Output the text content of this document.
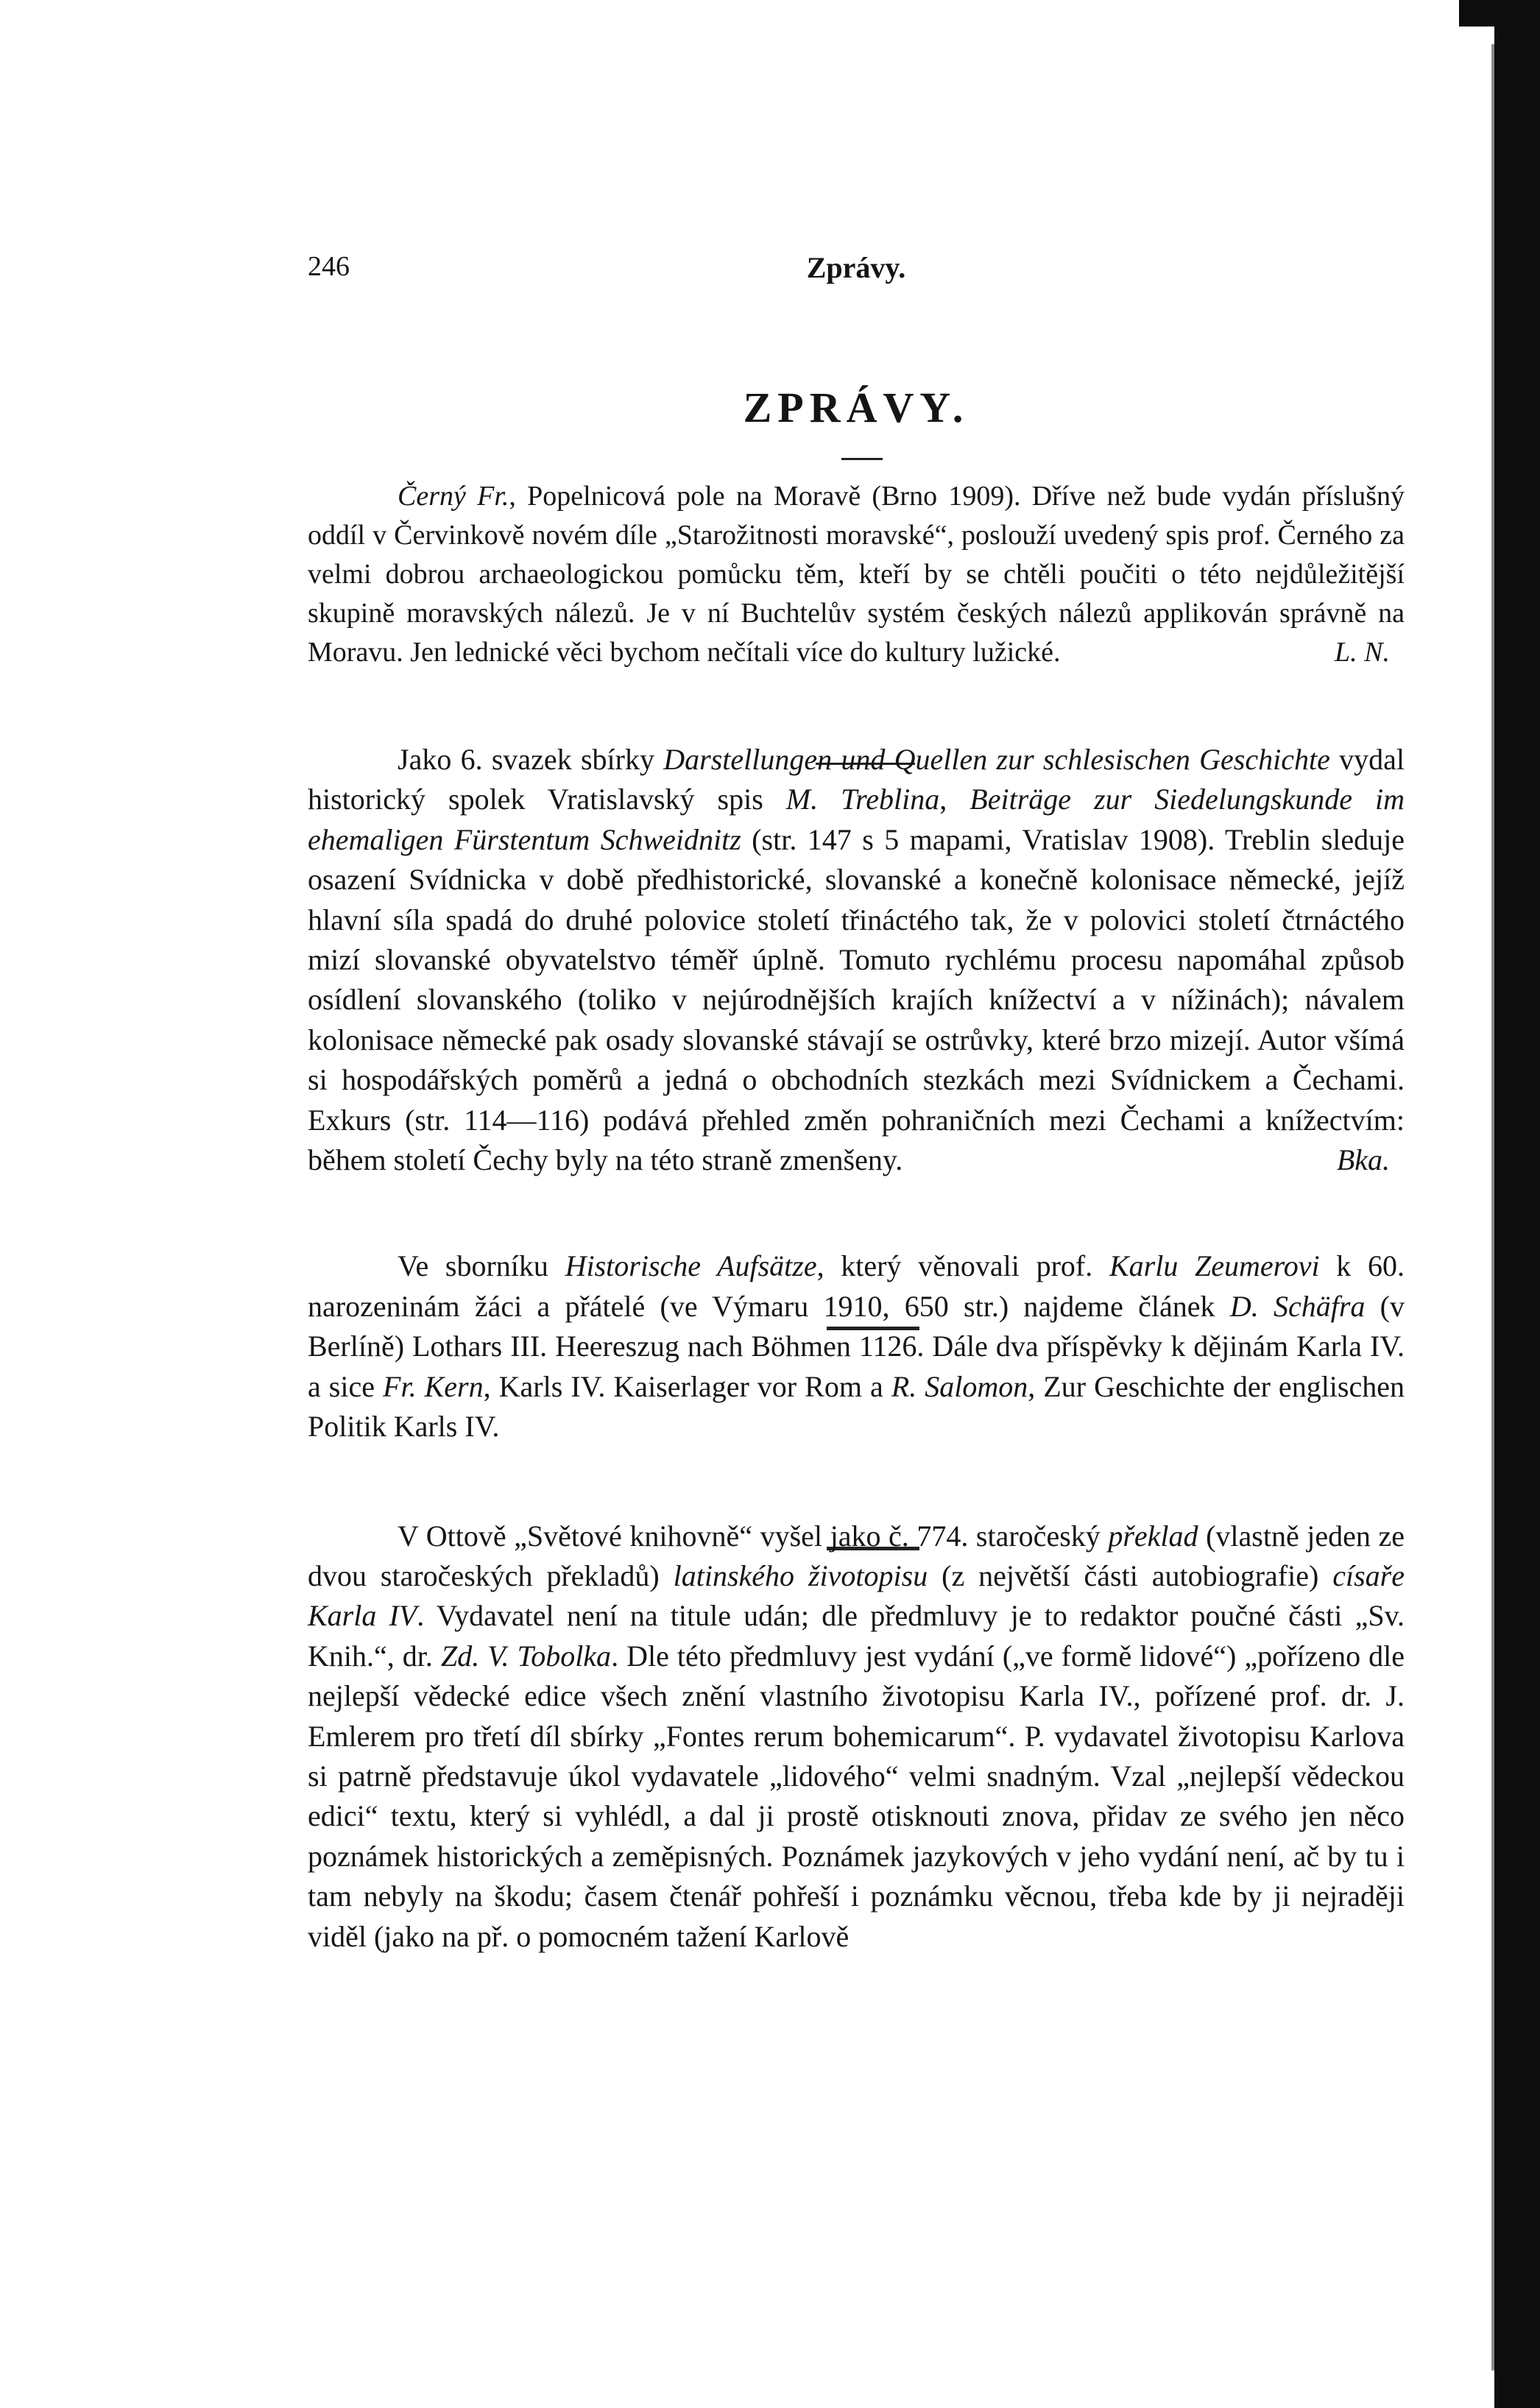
246	Zprávy.
ZPRÁVY.

Černý Fr., Popelnicová pole na Moravě (Brno 1909). Dříve než bude vydán příslušný oddíl v Červinkově novém díle „Starožitnosti moravské“, poslouží uvedený spis prof. Černého za velmi dobrou archaeologickou pomůcku těm, kteří by se chtěli poučiti o této nejdůležitější skupině moravských nálezů. Je v ní Buchtelův systém českých nálezů applikován správně na Moravu. Jen lednické věci bychom nečítali více do kultury lužické.	L. N.

Jako 6. svazek sbírky Darstellungen und Quellen zur schlesischen Geschichte vydal historický spolek Vratislavský spis M. Treblina, Beiträge zur Siedelungskunde im ehemaligen Fürstentum Schweidnitz (str. 147 s 5 mapami, Vratislav 1908). Treblin sleduje osazení Svídnicka v době předhistorické, slovanské a konečně kolonisace německé, jejíž hlavní síla spadá do druhé polovice století třináctého tak, že v polovici století čtrnáctého mizí slovanské obyvatelstvo téměř úplně. Tomuto rychlému procesu napomáhal způsob osídlení slovanského (toliko v nejúrodnějších krajích knížectví a v nížinách); návalem kolonisace německé pak osady slovanské stávají se ostrůvky, které brzo mizejí. Autor všímá si hospodářských poměrů a jedná o obchodních stezkách mezi Svídnickem a Čechami. Exkurs (str. 114—116) podává přehled změn pohraničních mezi Čechami a knížectvím: během století Čechy byly na této straně zmenšeny.	Bka.

Ve sborníku Historische Aufsätze, který věnovali prof. Karlu Zeumerovi k 60. narozeninám žáci a přátelé (ve Výmaru 1910, 650 str.) najdeme článek D. Schäfra (v Berlíně) Lothars III. Heereszug nach Böhmen 1126. Dále dva příspěvky k dějinám Karla IV. a sice Fr. Kern, Karls IV. Kaiserlager vor Rom a R. Salomon, Zur Geschichte der englischen Politik Karls IV.

V Ottově „Světové knihovně“ vyšel jako č. 774. staročeský překlad (vlastně jeden ze dvou staročeských překladů) latinského životopisu (z největší části autobiografie) císaře Karla IV. Vydavatel není na titule udán; dle předmluvy je to redaktor poučné části „Sv. Knih.“, dr. Zd. V. Tobolka. Dle této předmluvy jest vydání („ve formě lidové“) „pořízeno dle nejlepší vědecké edice všech znění vlastního životopisu Karla IV., pořízené prof. dr. J. Emlerem pro třetí díl sbírky „Fontes rerum bohemicarum“. P. vydavatel životopisu Karlova si patrně představuje úkol vydavatele „lidového“ velmi snadným. Vzal „nejlepší vědeckou edici“ textu, který si vyhlédl, a dal ji prostě otisknouti znova, přidav ze svého jen něco poznámek historických a zeměpisných. Poznámek jazykových v jeho vydání není, ač by tu i tam nebyly na škodu; časem čtenář pohřeší i poznámku věcnou, třeba kde by ji nejraději viděl (jako na př. o pomocném tažení Karlově
